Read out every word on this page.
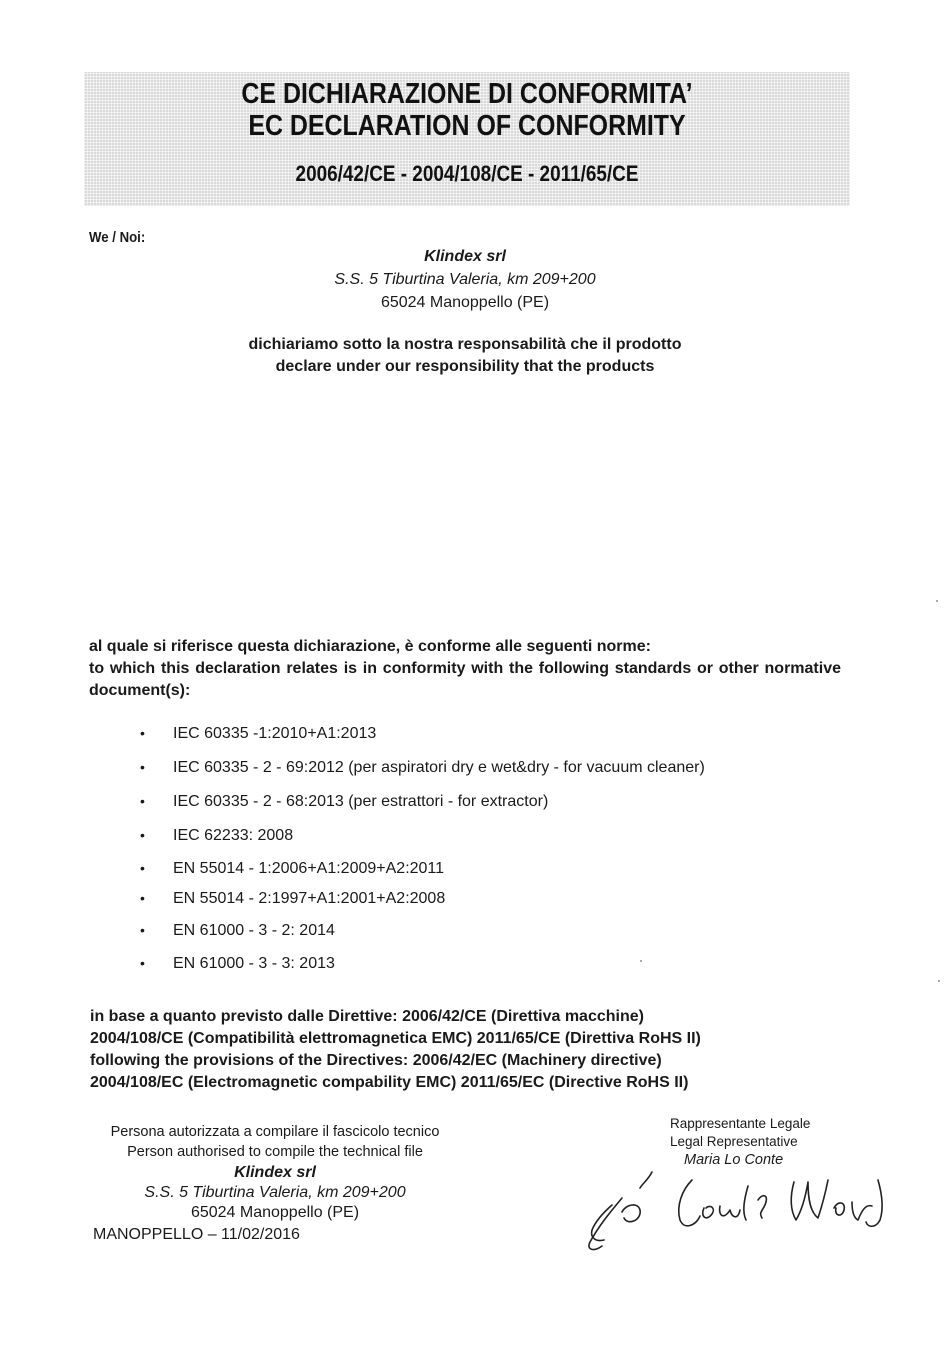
CE DICHIARAZIONE DI CONFORMITA’
EC DECLARATION OF CONFORMITY
2006/42/CE - 2004/108/CE - 2011/65/CE
We / Noi:
Klindex srl
S.S. 5 Tiburtina Valeria, km 209+200
65024 Manoppello (PE)
dichiariamo sotto la nostra responsabilità che il prodotto
declare under our responsibility that the products
al quale si riferisce questa dichiarazione, è conforme alle seguenti norme:
to which this declaration relates is in conformity with the following standards or other normative
document(s):
• IEC 60335 -1:2010+A1:2013
• IEC 60335 - 2 - 69:2012 (per aspiratori dry e wet&dry - for vacuum cleaner)
• IEC 60335 - 2 - 68:2013 (per estrattori - for extractor)
• IEC 62233: 2008
• EN 55014 - 1:2006+A1:2009+A2:2011
• EN 55014 - 2:1997+A1:2001+A2:2008
• EN 61000 - 3 - 2: 2014
• EN 61000 - 3 - 3: 2013
in base a quanto previsto dalle Direttive: 2006/42/CE (Direttiva macchine)
2004/108/CE (Compatibilità elettromagnetica EMC) 2011/65/CE (Direttiva RoHS II)
following the provisions of the Directives: 2006/42/EC (Machinery directive)
2004/108/EC (Electromagnetic compability EMC) 2011/65/EC (Directive RoHS II)
Persona autorizzata a compilare il fascicolo tecnico
Person authorised to compile the technical file
Klindex srl
S.S. 5 Tiburtina Valeria, km 209+200
65024 Manoppello (PE)
MANOPPELLO – 11/02/2016
Rappresentante Legale
Legal Representative
Maria Lo Conte
